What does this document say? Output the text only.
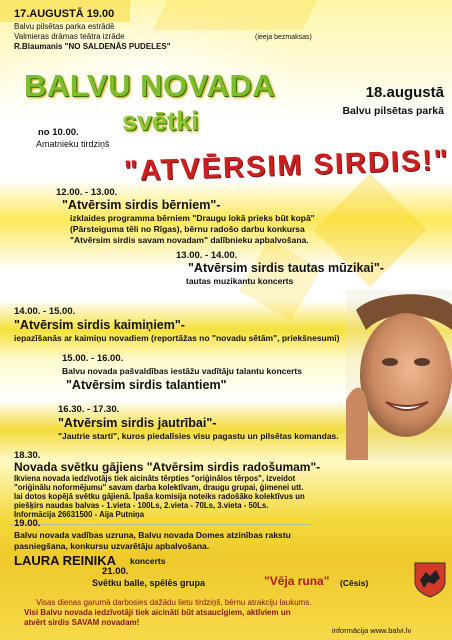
17.AUGUSTĀ 19.00
Balvu pilsētas parka estrādē
Valmieras drāmas teātra izrāde
R.Blaumanis "NO SALDENĀS PUDELES"
(ieeja bezmaksas)
BALVU NOVADA
svētki
18.augustā
Balvu pilsētas parkā
"ATVĒRSIM SIRDIS!"
no 10.00.
Amatnieku tirdziņš
12.00. - 13.00.
"Atvērsim sirdis bērniem"-
izklaides programma bērniem "Draugu lokā prieks būt kopā"
(Pārsteiguma tēli no Rīgas), bērnu radošo darbu konkursa
"Atvērsim sirdis savam novadam" dalībnieku apbalvošana.
13.00. - 14.00.
"Atvērsim sirdis tautas mūzikai"-
tautas muzikantu koncerts
14.00. - 15.00.
"Atvērsim sirdis kaimiņiem"-
iepazīšanās ar kaimiņu novadiem (reportāžas no "novadu sētām", priekšnesumi)
15.00. - 16.00.
Balvu novada pašvaldības iestāžu vadītāju talantu koncerts
"Atvērsim sirdis talantiem"
16.30. - 17.30.
"Atvērsim sirdis jautrībai"-
"Jautrie starti", kuros piedalīsies visu pagastu un pilsētas komandas.
18.30.
Novada svētku gājiens "Atvērsim sirdis radošumam"-
Ikviena novada iedzīvotājs tiek aicināts tērpties "oriģinālos tērpos", izveidot
"oriģinālu noformējumu" savam darba kolektīvam, draugu grupai, ģimenei utt.
lai dotos kopējā svētku gājienā. Īpaša komisija noteiks radošāko kolektīvus un
piešķirs naudas balvas - 1.vieta - 100Ls, 2.vieta - 70Ls, 3.vieta - 50Ls.
Informācija 26631500 - Aija Putniņa
19.00.
Balvu novada vadības uzruna, Balvu novada Domes atzinības rakstu
pasniegšana, konkursu uzvarētāju apbalvošana.
LAURA REINIKA koncerts
21.00.
Svētku balle, spēlēs grupa	"Vēja runa" (Cēsis)
Visas dienas garumā darbosies dažādu lietu tirdziņš, bērnu atrakciju laukums.
Visi Balvu novada iedzīvotāji tiek aicināti būt atsaucīgiem, aktīviem un
atvērt sirdis SAVAM novadam!
informācija www.balvi.lv
